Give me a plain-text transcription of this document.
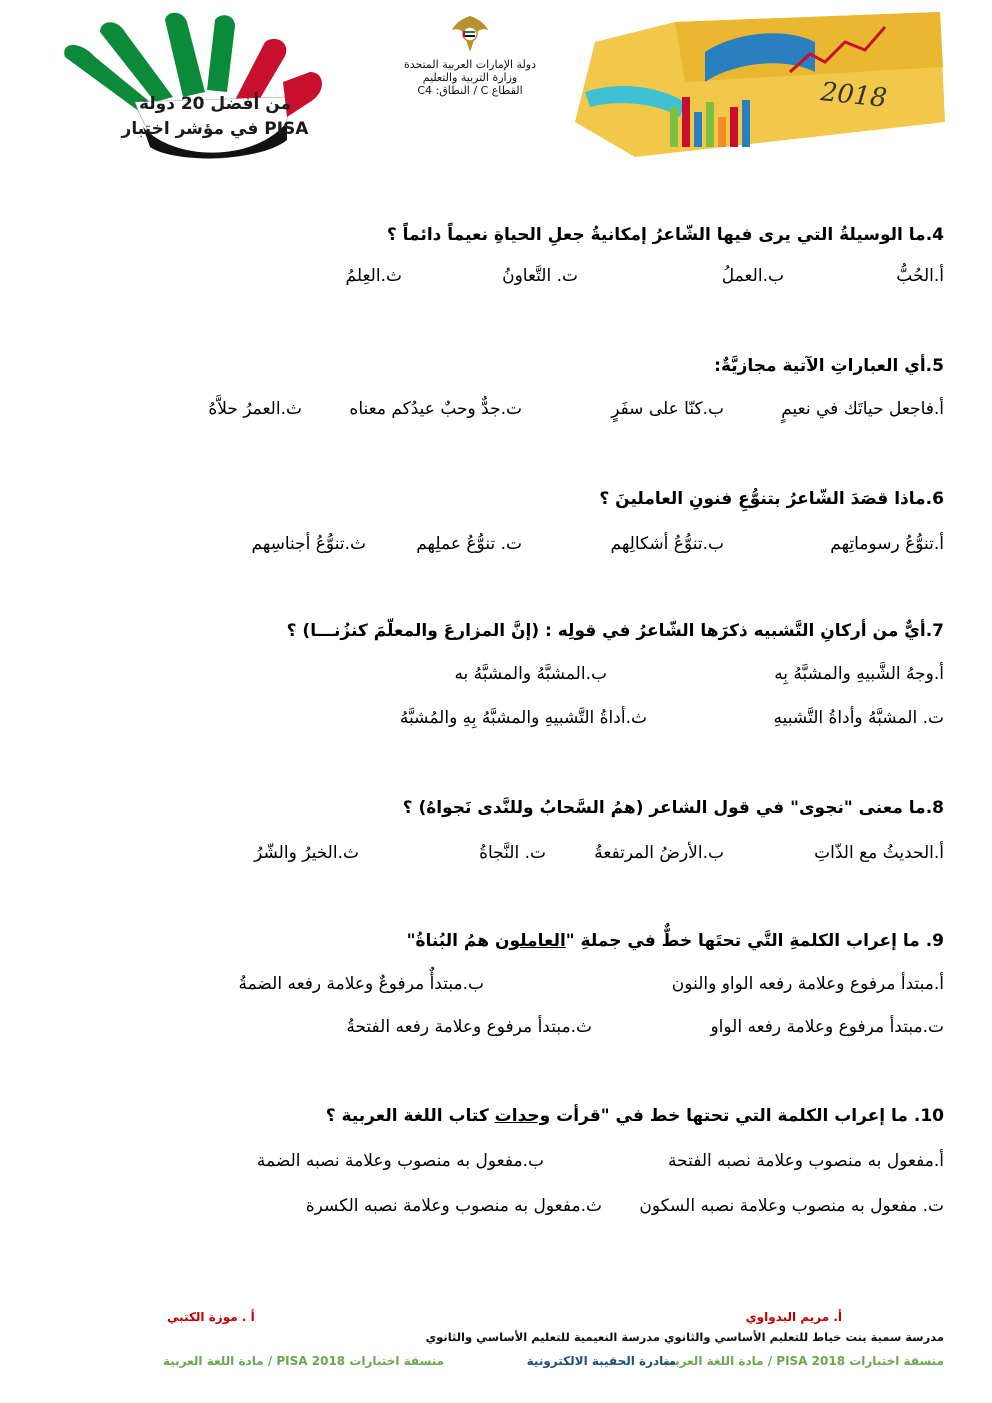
من أفضل 20 دولة
في مؤشر اختبار PISA
دولة الإمارات العربية المتحدة
وزارة التربية والتعليم
القطاع C / النطاق: C4	2018
4.ما الوسيلةُ التي يرى فيها الشّاعرُ إمكانيةُ جعلِ الحياةِ نعيماً دائماً ؟
أ.الحُبُّ
ب.العملُ
ت. التَّعاونُ
ث.العِلمُ
5.أي العباراتِ الآتية مجازيَّةٌ:
أ.فاجعل حياتَك في نعيمٍ
ب.كنّا على سفَرٍ
ت.جدٌّ وحبٌ عيدُكم معناه
ث.العمرُ حلاَّهُ
6.ماذا قصَدَ الشّاعرُ بتنوُّعِ فنونِ العاملينَ ؟
أ.تنوُّعُ رسوماتِهم
ب.تنوُّعُ أشكالِهم
ت. تنوُّعُ عملِهم
ث.تنوُّعُ أجناسِهم
7.أيٌّ من أركانِ التَّشبيه ذكرَها الشّاعرُ في قولِه : (إنَّ المزارعَ والمعلّمَ كنزُنـــا) ؟
أ.وجهُ الشَّبيهِ والمشبَّهُ بِه
ب.المشبَّهُ والمشبَّهُ به
ت. المشبَّهُ وأداةُ التَّشبيهِ
ث.أداةُ التَّشبيهِ والمشبَّهُ بِهِ والمُشبَّهُ
8.ما معنى "نجوى" في قول الشاعر (همُ السَّحابُ وللنَّدى نَجواهُ) ؟
أ.الحديثُ مع الذّاتِ
ب.الأرضُ المرتفعةُ
ت. النَّجاةُ
ث.الخيرُ والشّرُ
9. ما إعراب الكلمةِ التَّي تحتَها خطٌّ في جملةِ "العاملون همُ البُناةُ"
أ.مبتدأ مرفوع وعلامة رفعه الواو والنون
ب.مبتدأٌ مرفوعٌ وعلامة رفعه الضمةُ
ت.مبتدأ مرفوع وعلامة رفعه الواو
ث.مبتدأ مرفوع وعلامة رفعه الفتحةُ
10. ما إعراب الكلمة التي تحتها خط في "قرأت وحدات كتاب اللغة العربية ؟
أ.مفعول به منصوب وعلامة نصبه الفتحة
ب.مفعول به منصوب وعلامة نصبه الضمة
ت. مفعول به منصوب وعلامة نصبه السكون
ث.مفعول به منصوب وعلامة نصبه الكسرة
أ. مريم البدواوي
أ . موزة الكتبي
مدرسة سمية بنت خياط للتعليم الأساسي والثانوي مدرسة النعيمية للتعليم الأساسي والثانوي
منسقة اختبارات PISA 2018 / مادة اللغة العربية
مبادرة الحقيبة الالكترونية
منسقة اختبارات PISA 2018 / مادة اللغة العربية
